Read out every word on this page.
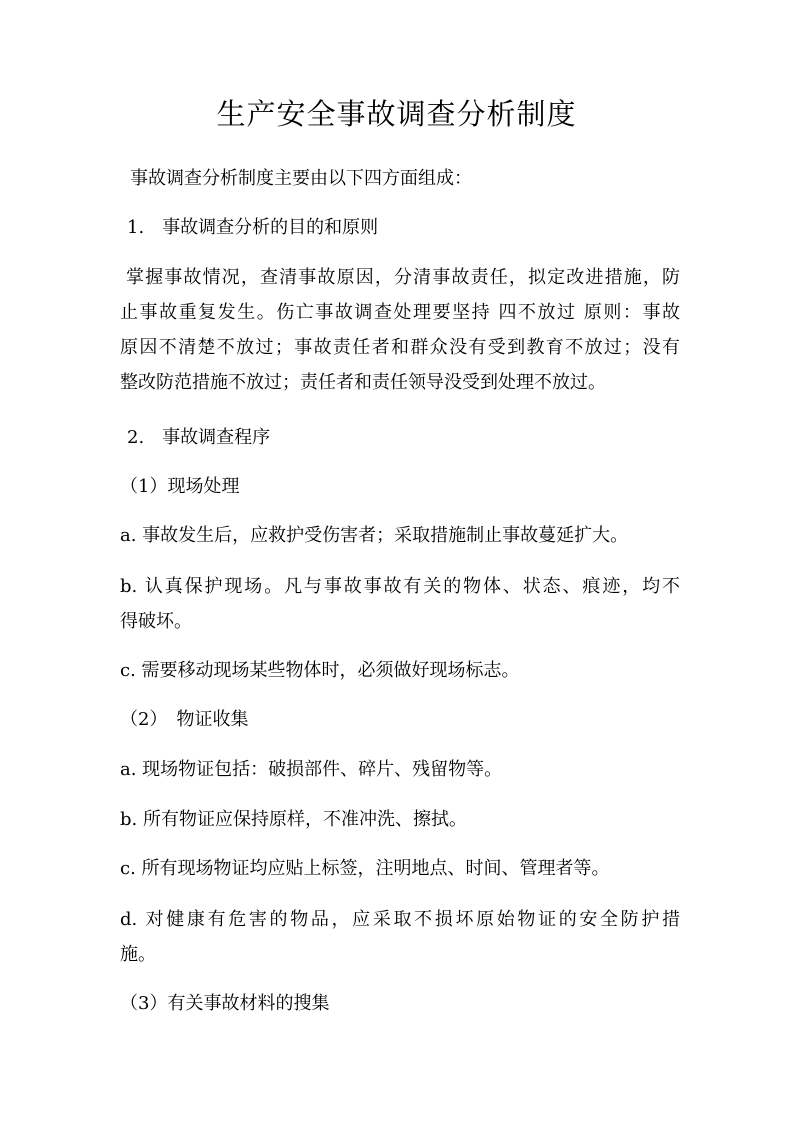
生产安全事故调查分析制度

事故调查分析制度主要由以下四方面组成：

1.　事故调查分析的目的和原则

掌握事故情况，查清事故原因，分清事故责任，拟定改进措施，防
止事故重复发生。伤亡事故调查处理要坚持 四不放过 原则：事故
原因不清楚不放过；事故责任者和群众没有受到教育不放过；没有
整改防范措施不放过；责任者和责任领导没受到处理不放过。

2.　事故调查程序

（1）现场处理

a. 事故发生后，应救护受伤害者；采取措施制止事故蔓延扩大。

b. 认真保护现场。凡与事故事故有关的物体、状态、痕迹，均不
得破坏。

c. 需要移动现场某些物体时，必须做好现场标志。

（2）　物证收集

a. 现场物证包括：破损部件、碎片、残留物等。

b. 所有物证应保持原样，不准冲洗、擦拭。

c. 所有现场物证均应贴上标签，注明地点、时间、管理者等。

d. 对健康有危害的物品，应采取不损坏原始物证的安全防护措
施。

（3）有关事故材料的搜集
